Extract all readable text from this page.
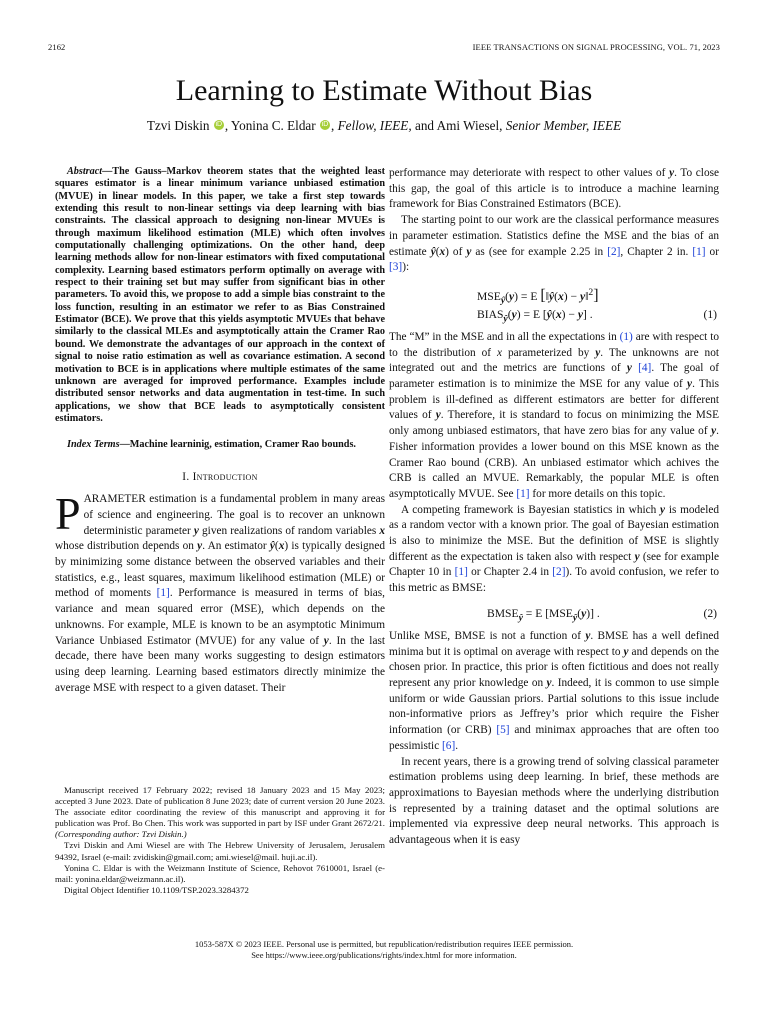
2162	IEEE TRANSACTIONS ON SIGNAL PROCESSING, VOL. 71, 2023
Learning to Estimate Without Bias
Tzvi Diskin iD , Yonina C. Eldar iD , Fellow, IEEE, and Ami Wiesel, Senior Member, IEEE

Abstract—The Gauss–Markov theorem states that the weighted least squares estimator is a linear minimum variance unbiased estimation (MVUE) in linear models. In this paper, we take a first step towards extending this result to non-linear settings via deep learning with bias constraints. The classical approach to designing non-linear MVUEs is through maximum likelihood estimation (MLE) which often involves computationally challenging optimizations. On the other hand, deep learning methods allow for non-linear estimators with fixed computational complexity. Learning based estimators perform optimally on average with respect to their training set but may suffer from significant bias in other parameters. To avoid this, we propose to add a simple bias constraint to the loss function, resulting in an estimator we refer to as Bias Constrained Estimator (BCE). We prove that this yields asymptotic MVUEs that behave similarly to the classical MLEs and asymptotically attain the Cramer Rao bound. We demonstrate the advantages of our approach in the context of signal to noise ratio estimation as well as covariance estimation. A second motivation to BCE is in applications where multiple estimates of the same unknown are averaged for improved performance. Examples include distributed sensor networks and data augmentation in test-time. In such applications, we show that BCE leads to asymptotically consistent estimators.

Index Terms—Machine learninig, estimation, Cramer Rao bounds.

I. Introduction

PARAMETER estimation is a fundamental problem in many areas of science and engineering. The goal is to recover an unknown deterministic parameter y given realizations of random variables x whose distribution depends on y. An estimator ŷ(x) is typically designed by minimizing some distance between the observed variables and their statistics, e.g., least squares, maximum likelihood estimation (MLE) or method of moments [1]. Performance is measured in terms of bias, variance and mean squared error (MSE), which depends on the unknowns. For example, MLE is known to be an asymptotic Minimum Variance Unbiased Estimator (MVUE) for any value of y. In the last decade, there have been many works suggesting to design estimators using deep learning. Learning based estimators directly minimize the average MSE with respect to a given dataset. Their

Manuscript received 17 February 2022; revised 18 January 2023 and 15 May 2023; accepted 3 June 2023. Date of publication 8 June 2023; date of current version 20 June 2023. The associate editor coordinating the review of this manuscript and approving it for publication was Prof. Bo Chen. This work was supported in part by ISF under Grant 2672/21. (Corresponding author: Tzvi Diskin.)

Tzvi Diskin and Ami Wiesel are with The Hebrew University of Jerusalem, Jerusalem 94392, Israel (e-mail: zvidiskin@gmail.com; ami.wiesel@mail. huji.ac.il).

Yonina C. Eldar is with the Weizmann Institute of Science, Rehovot 7610001, Israel (e-mail: yonina.eldar@weizmann.ac.il).

Digital Object Identifier 10.1109/TSP.2023.3284372

performance may deteriorate with respect to other values of y. To close this gap, the goal of this article is to introduce a machine learning framework for Bias Constrained Estimators (BCE).

The starting point to our work are the classical performance measures in parameter estimation. Statistics define the MSE and the bias of an estimate ŷ(x) of y as (see for example 2.25 in [2], Chapter 2 in. [1] or [3]):

$MSE_ŷ(y) = E$ [‖ŷ(x) − y‖$^2$]
$BIAS_ŷ(y) = E$ [ŷ(x) − y] .	(1)

The “M” in the MSE and in all the expectations in (1) are with respect to to the distribution of x parameterized by y. The unknowns are not integrated out and the metrics are functions of y [4]. The goal of parameter estimation is to minimize the MSE for any value of y. This problem is ill-defined as different estimators are better for different values of y. Therefore, it is standard to focus on minimizing the MSE only among unbiased estimators, that have zero bias for any value of y. Fisher information provides a lower bound on this MSE known as the Cramer Rao bound (CRB). An unbiased estimator which achives the CRB is called an MVUE. Remarkably, the popular MLE is often asymptotically MVUE. See [1] for more details on this topic.

A competing framework is Bayesian statistics in which y is modeled as a random vector with a known prior. The goal of Bayesian estimation is also to minimize the MSE. But the definition of MSE is slightly different as the expectation is taken also with respect y (see for example Chapter 10 in [1] or Chapter 2.4 in [2]). To avoid confusion, we refer to this metric as BMSE:

$BMSE_ŷ = E$ $[MSE_ŷ(y)]$ .	(2)

Unlike MSE, BMSE is not a function of y. BMSE has a well defined minima but it is optimal on average with respect to y and depends on the chosen prior. In practice, this prior is often fictitious and does not really represent any prior knowledge on y. Indeed, it is common to use simple uniform or wide Gaussian priors. Partial solutions to this issue include non-informative priors as Jeffrey’s prior which require the Fisher information (or CRB) [5] and minimax approaches that are often too pessimistic [6].

In recent years, there is a growing trend of solving classical parameter estimation problems using deep learning. In brief, these methods are approximations to Bayesian methods where the underlying distribution is represented by a training dataset and the optimal solutions are implemented via expressive deep neural networks. This approach is advantageous when it is easy

1053-587X © 2023 IEEE. Personal use is permitted, but republication/redistribution requires IEEE permission.
See https://www.ieee.org/publications/rights/index.html for more information.
